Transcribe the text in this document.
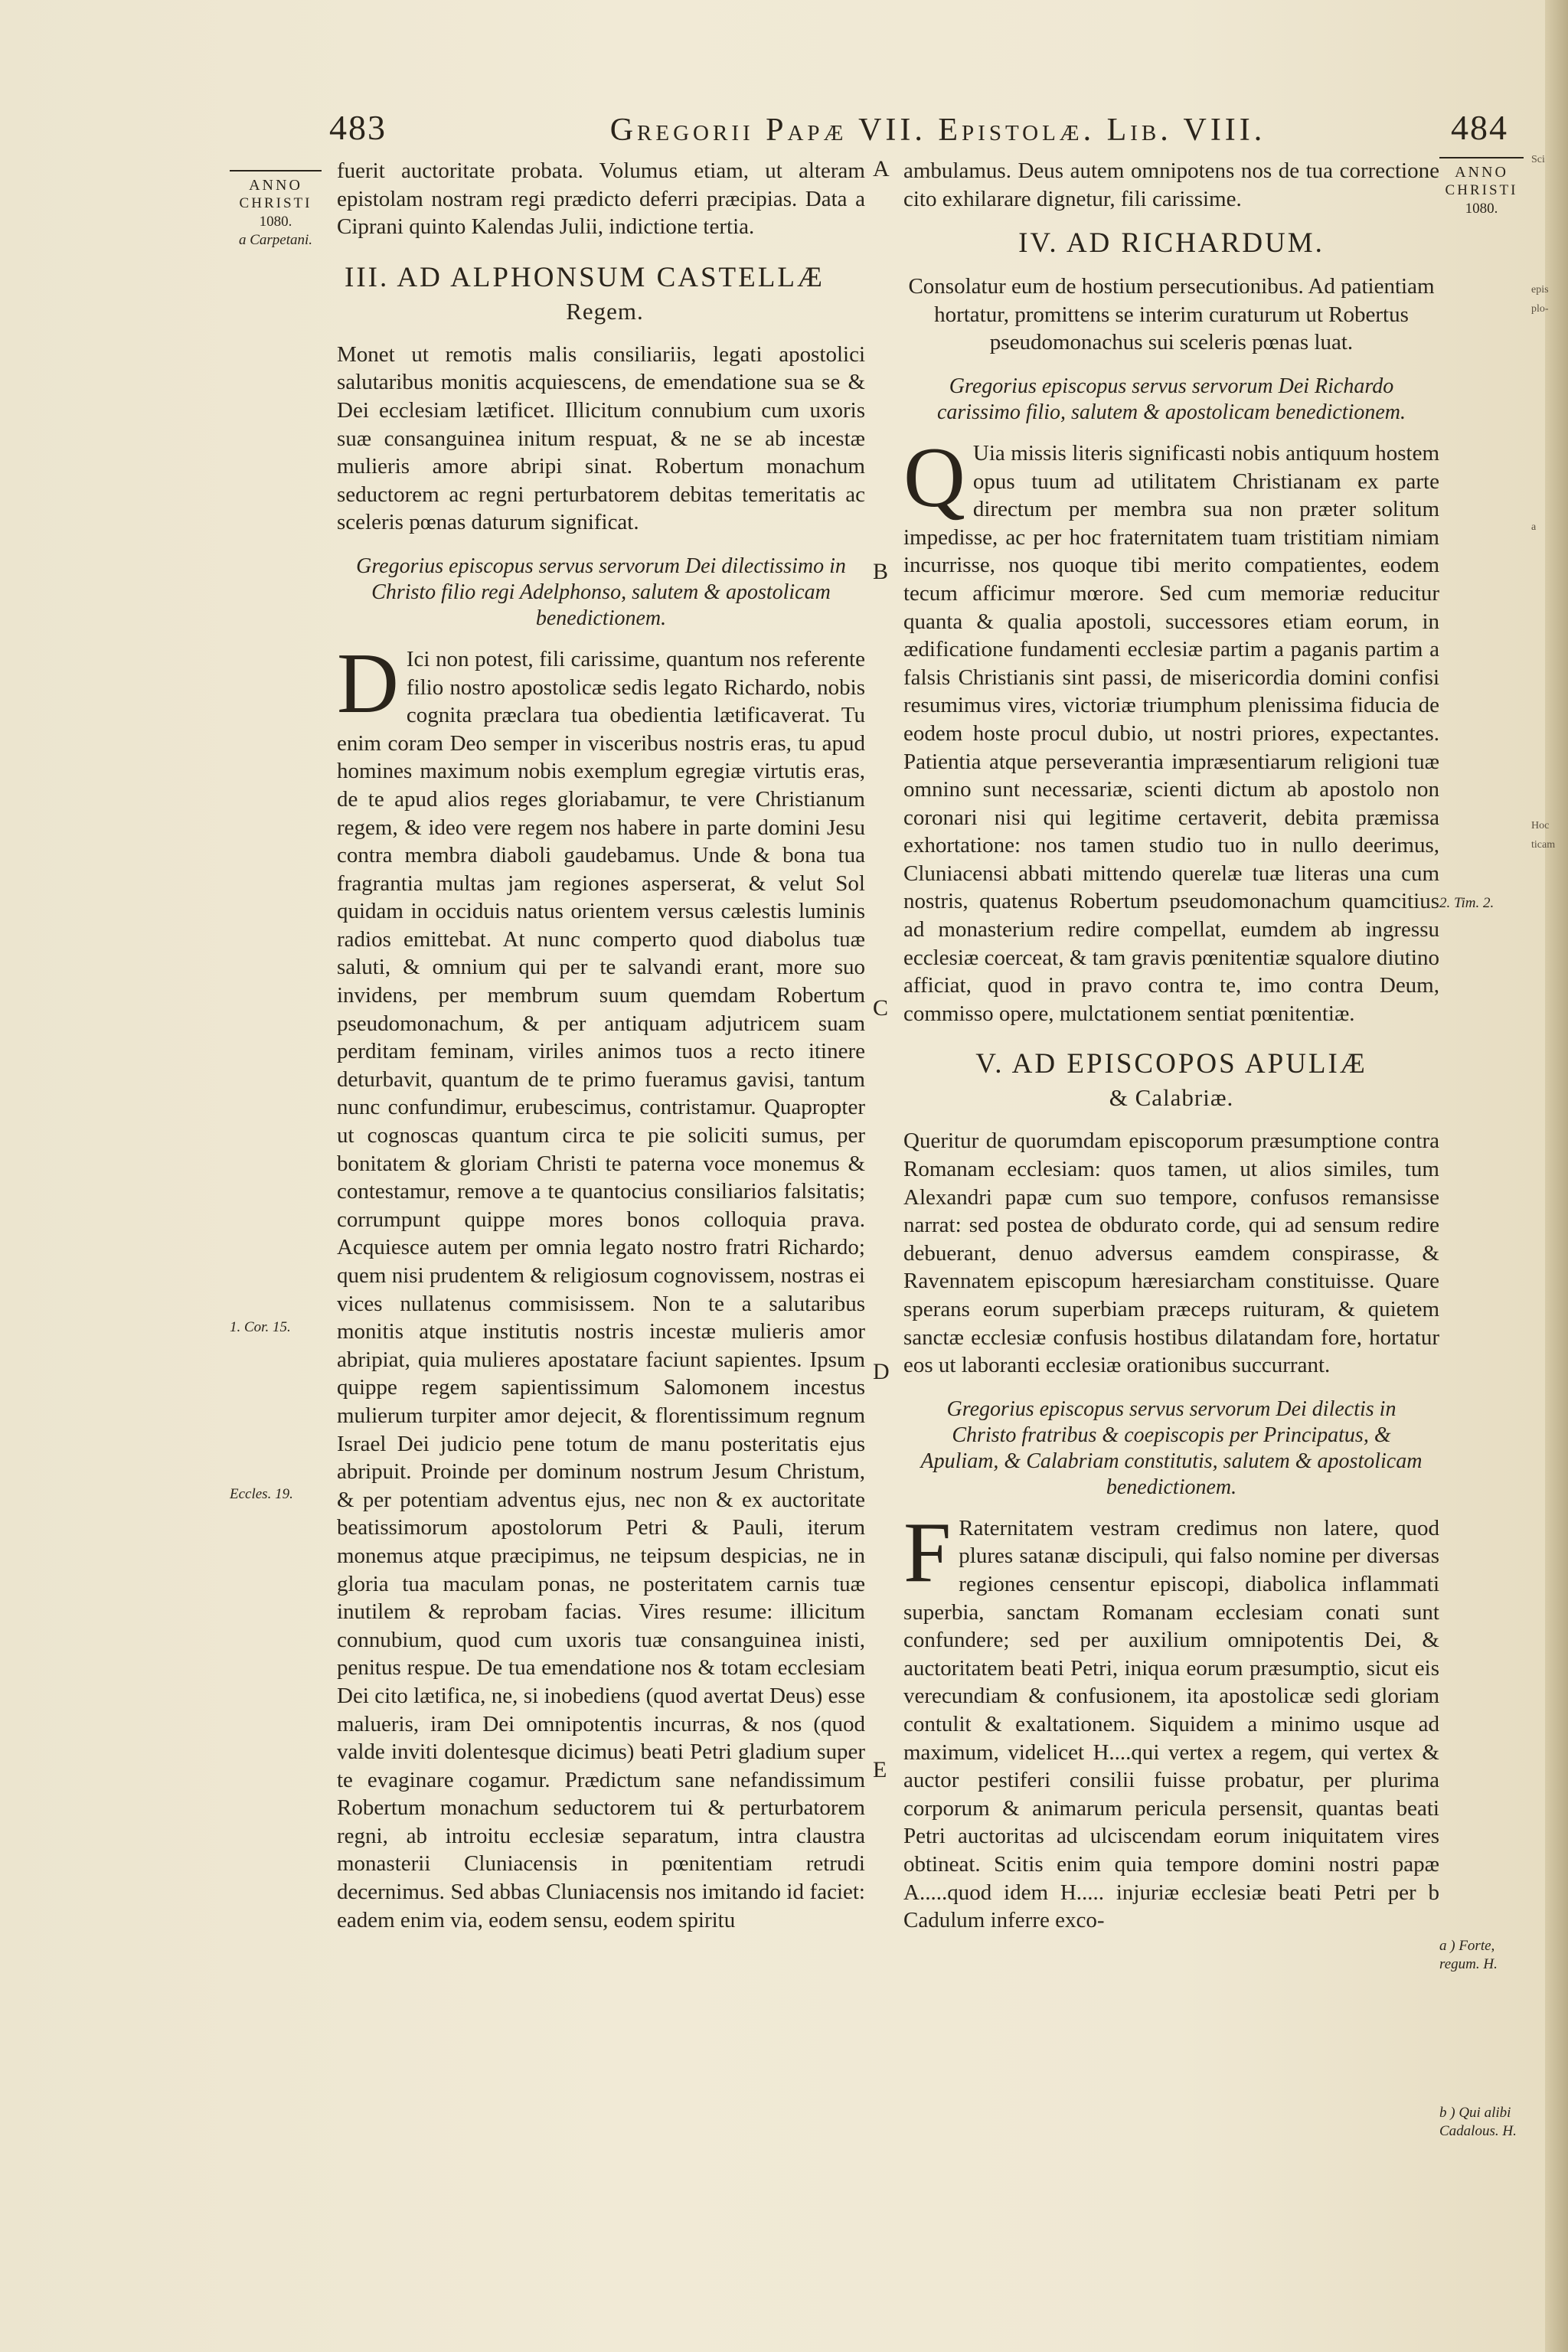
483	Gregorii Papæ VII. Epistolæ. Lib. VIII.	484
ANNO
CHRISTI
1080.
a Carpetani.
1. Cor. 15.
Eccles. 19.
ANNO
CHRISTI
1080.
2. Tim. 2.
a ) Forte, regum. H.
b ) Qui alibi Cadalous. H.
A
B
C
D
E
Sci
epis
plo-
a
Hoc
ticam

fuerit auctoritate probata. Volumus etiam, ut alteram epistolam nostram regi prædicto deferri præcipias. Data a Ciprani quinto Kalendas Julii, indictione tertia.

III. AD ALPHONSUM CASTELLÆ
Regem.

Monet ut remotis malis consiliariis, legati apostolici salutaribus monitis acquiescens, de emendatione sua se & Dei ecclesiam lætificet. Illicitum connubium cum uxoris suæ consanguinea initum respuat, & ne se ab incestæ mulieris amore abripi sinat. Robertum monachum seductorem ac regni perturbatorem debitas temeritatis ac sceleris pœnas daturum significat.

Gregorius episcopus servus servorum Dei dilectissimo in Christo filio regi Adelphonso, salutem & apostolicam benedictionem.

D Ici non potest, fili carissime, quantum nos referente filio nostro apostolicæ sedis legato Richardo, nobis cognita præclara tua obedientia lætificaverat. Tu enim coram Deo semper in visceribus nostris eras, tu apud homines maximum nobis exemplum egregiæ virtutis eras, de te apud alios reges gloriabamur, te vere Christianum regem, & ideo vere regem nos habere in parte domini Jesu contra membra diaboli gaudebamus. Unde & bona tua fragrantia multas jam regiones asperserat, & velut Sol quidam in occiduis natus orientem versus cælestis luminis radios emittebat. At nunc comperto quod diabolus tuæ saluti, & omnium qui per te salvandi erant, more suo invidens, per membrum suum quemdam Robertum pseudomonachum, & per antiquam adjutricem suam perditam feminam, viriles animos tuos a recto itinere deturbavit, quantum de te primo fueramus gavisi, tantum nunc confundimur, erubescimus, contristamur. Quapropter ut cognoscas quantum circa te pie soliciti sumus, per bonitatem & gloriam Christi te paterna voce monemus & contestamur, remove a te quantocius consiliarios falsitatis; corrumpunt quippe mores bonos colloquia prava. Acquiesce autem per omnia legato nostro fratri Richardo; quem nisi prudentem & religiosum cognovissem, nostras ei vices nullatenus commisissem. Non te a salutaribus monitis atque institutis nostris incestæ mulieris amor abripiat, quia mulieres apostatare faciunt sapientes. Ipsum quippe regem sapientissimum Salomonem incestus mulierum turpiter amor dejecit, & florentissimum regnum Israel Dei judicio pene totum de manu posteritatis ejus abripuit. Proinde per dominum nostrum Jesum Christum, & per potentiam adventus ejus, nec non & ex auctoritate beatissimorum apostolorum Petri & Pauli, iterum monemus atque præcipimus, ne teipsum despicias, ne in gloria tua maculam ponas, ne posteritatem carnis tuæ inutilem & reprobam facias. Vires resume: illicitum connubium, quod cum uxoris tuæ consanguinea inisti, penitus respue. De tua emendatione nos & totam ecclesiam Dei cito lætifica, ne, si inobediens (quod avertat Deus) esse malueris, iram Dei omnipotentis incurras, & nos (quod valde inviti dolentesque dicimus) beati Petri gladium super te evaginare cogamur. Prædictum sane nefandissimum Robertum monachum seductorem tui & perturbatorem regni, ab introitu ecclesiæ separatum, intra claustra monasterii Cluniacensis in pœnitentiam retrudi decernimus. Sed abbas Cluniacensis nos imitando id faciet: eadem enim via, eodem sensu, eodem spiritu

ambulamus. Deus autem omnipotens nos de tua correctione cito exhilarare dignetur, fili carissime.

IV. AD RICHARDUM.

Consolatur eum de hostium persecutionibus. Ad patientiam hortatur, promittens se interim curaturum ut Robertus pseudomonachus sui sceleris pœnas luat.

Gregorius episcopus servus servorum Dei Richardo carissimo filio, salutem & apostolicam benedictionem.

Q Uia missis literis significasti nobis antiquum hostem opus tuum ad utilitatem Christianam ex parte directum per membra sua non præter solitum impedisse, ac per hoc fraternitatem tuam tristitiam nimiam incurrisse, nos quoque tibi merito compatientes, eodem tecum afficimur mœrore. Sed cum memoriæ reducitur quanta & qualia apostoli, successores etiam eorum, in ædificatione fundamenti ecclesiæ partim a paganis partim a falsis Christianis sint passi, de misericordia domini confisi resumimus vires, victoriæ triumphum plenissima fiducia de eodem hoste procul dubio, ut nostri priores, expectantes. Patientia atque perseverantia impræsentiarum religioni tuæ omnino sunt necessariæ, scienti dictum ab apostolo non coronari nisi qui legitime certaverit, debita præmissa exhortatione: nos tamen studio tuo in nullo deerimus, Cluniacensi abbati mittendo querelæ tuæ literas una cum nostris, quatenus Robertum pseudomonachum quamcitius ad monasterium redire compellat, eumdem ab ingressu ecclesiæ coerceat, & tam gravis pœnitentiæ squalore diutino afficiat, quod in pravo contra te, imo contra Deum, commisso opere, mulctationem sentiat pœnitentiæ.

V. AD EPISCOPOS APULIÆ
& Calabriæ.

Queritur de quorumdam episcoporum præsumptione contra Romanam ecclesiam: quos tamen, ut alios similes, tum Alexandri papæ cum suo tempore, confusos remansisse narrat: sed postea de obdurato corde, qui ad sensum redire debuerant, denuo adversus eamdem conspirasse, & Ravennatem episcopum hæresiarcham constituisse. Quare sperans eorum superbiam præceps ruituram, & quietem sanctæ ecclesiæ confusis hostibus dilatandam fore, hortatur eos ut laboranti ecclesiæ orationibus succurrant.

Gregorius episcopus servus servorum Dei dilectis in Christo fratribus & coepiscopis per Principatus, & Apuliam, & Calabriam constitutis, salutem & apostolicam benedictionem.

F Raternitatem vestram credimus non latere, quod plures satanæ discipuli, qui falso nomine per diversas regiones censentur episcopi, diabolica inflammati superbia, sanctam Romanam ecclesiam conati sunt confundere; sed per auxilium omnipotentis Dei, & auctoritatem beati Petri, iniqua eorum præsumptio, sicut eis verecundiam & confusionem, ita apostolicæ sedi gloriam contulit & exaltationem. Siquidem a minimo usque ad maximum, videlicet H....qui vertex a regem, qui vertex & auctor pestiferi consilii fuisse probatur, per plurima corporum & animarum pericula persensit, quantas beati Petri auctoritas ad ulciscendam eorum iniquitatem vires obtineat. Scitis enim quia tempore domini nostri papæ A.....quod idem H..... injuriæ ecclesiæ beati Petri per b Cadulum inferre exco-
